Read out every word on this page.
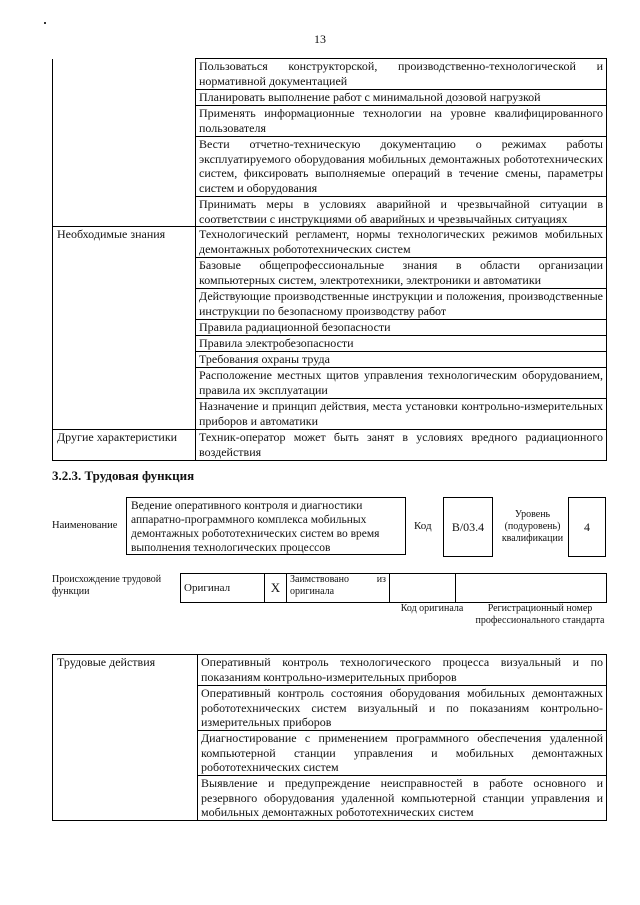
13
	Пользоваться конструкторской, производственно-технологической и нормативной документацией
	Планировать выполнение работ с минимальной дозовой нагрузкой
	Применять информационные технологии на уровне квалифицированного пользователя
	Вести отчетно-техническую документацию о режимах работы эксплуатируемого оборудования мобильных демонтажных робототехнических систем, фиксировать выполняемые операций в течение смены, параметры систем и оборудования
	Принимать меры в условиях аварийной и чрезвычайной ситуации в соответствии с инструкциями об аварийных и чрезвычайных ситуациях
Необходимые знания	Технологический регламент, нормы технологических режимов мобильных демонтажных робототехнических систем
	Базовые общепрофессиональные знания в области организации компьютерных систем, электротехники, электроники и автоматики
	Действующие производственные инструкции и положения, производственные инструкции по безопасному производству работ
	Правила радиационной безопасности
	Правила электробезопасности
	Требования охраны труда
	Расположение местных щитов управления технологическим оборудованием, правила их эксплуатации
	Назначение и принцип действия, места установки контрольно-измерительных приборов и автоматики
Другие характеристики	Техник-оператор может быть занят в условиях вредного радиационного воздействия
3.2.3. Трудовая функция
Наименование
Ведение оперативного контроля и диагностики аппаратно-программного комплекса мобильных демонтажных робототехнических систем во время выполнения технологических процессов
Код	B/03.4
Уровень (подуровень) квалификации
4
Происхождение трудовой функции	Оригинал	X	Заимствовано из оригинала		
Код оригинала	Регистрационный номер профессионального стандарта
Трудовые действия	Оперативный контроль технологического процесса визуальный и по показаниям контрольно-измерительных приборов
Оперативный контроль состояния оборудования мобильных демонтажных робототехнических систем визуальный и по показаниям контрольно-измерительных приборов
Диагностирование с применением программного обеспечения удаленной компьютерной станции управления и мобильных демонтажных робототехнических систем
Выявление и предупреждение неисправностей в работе основного и резервного оборудования удаленной компьютерной станции управления и мобильных демонтажных робототехнических систем
